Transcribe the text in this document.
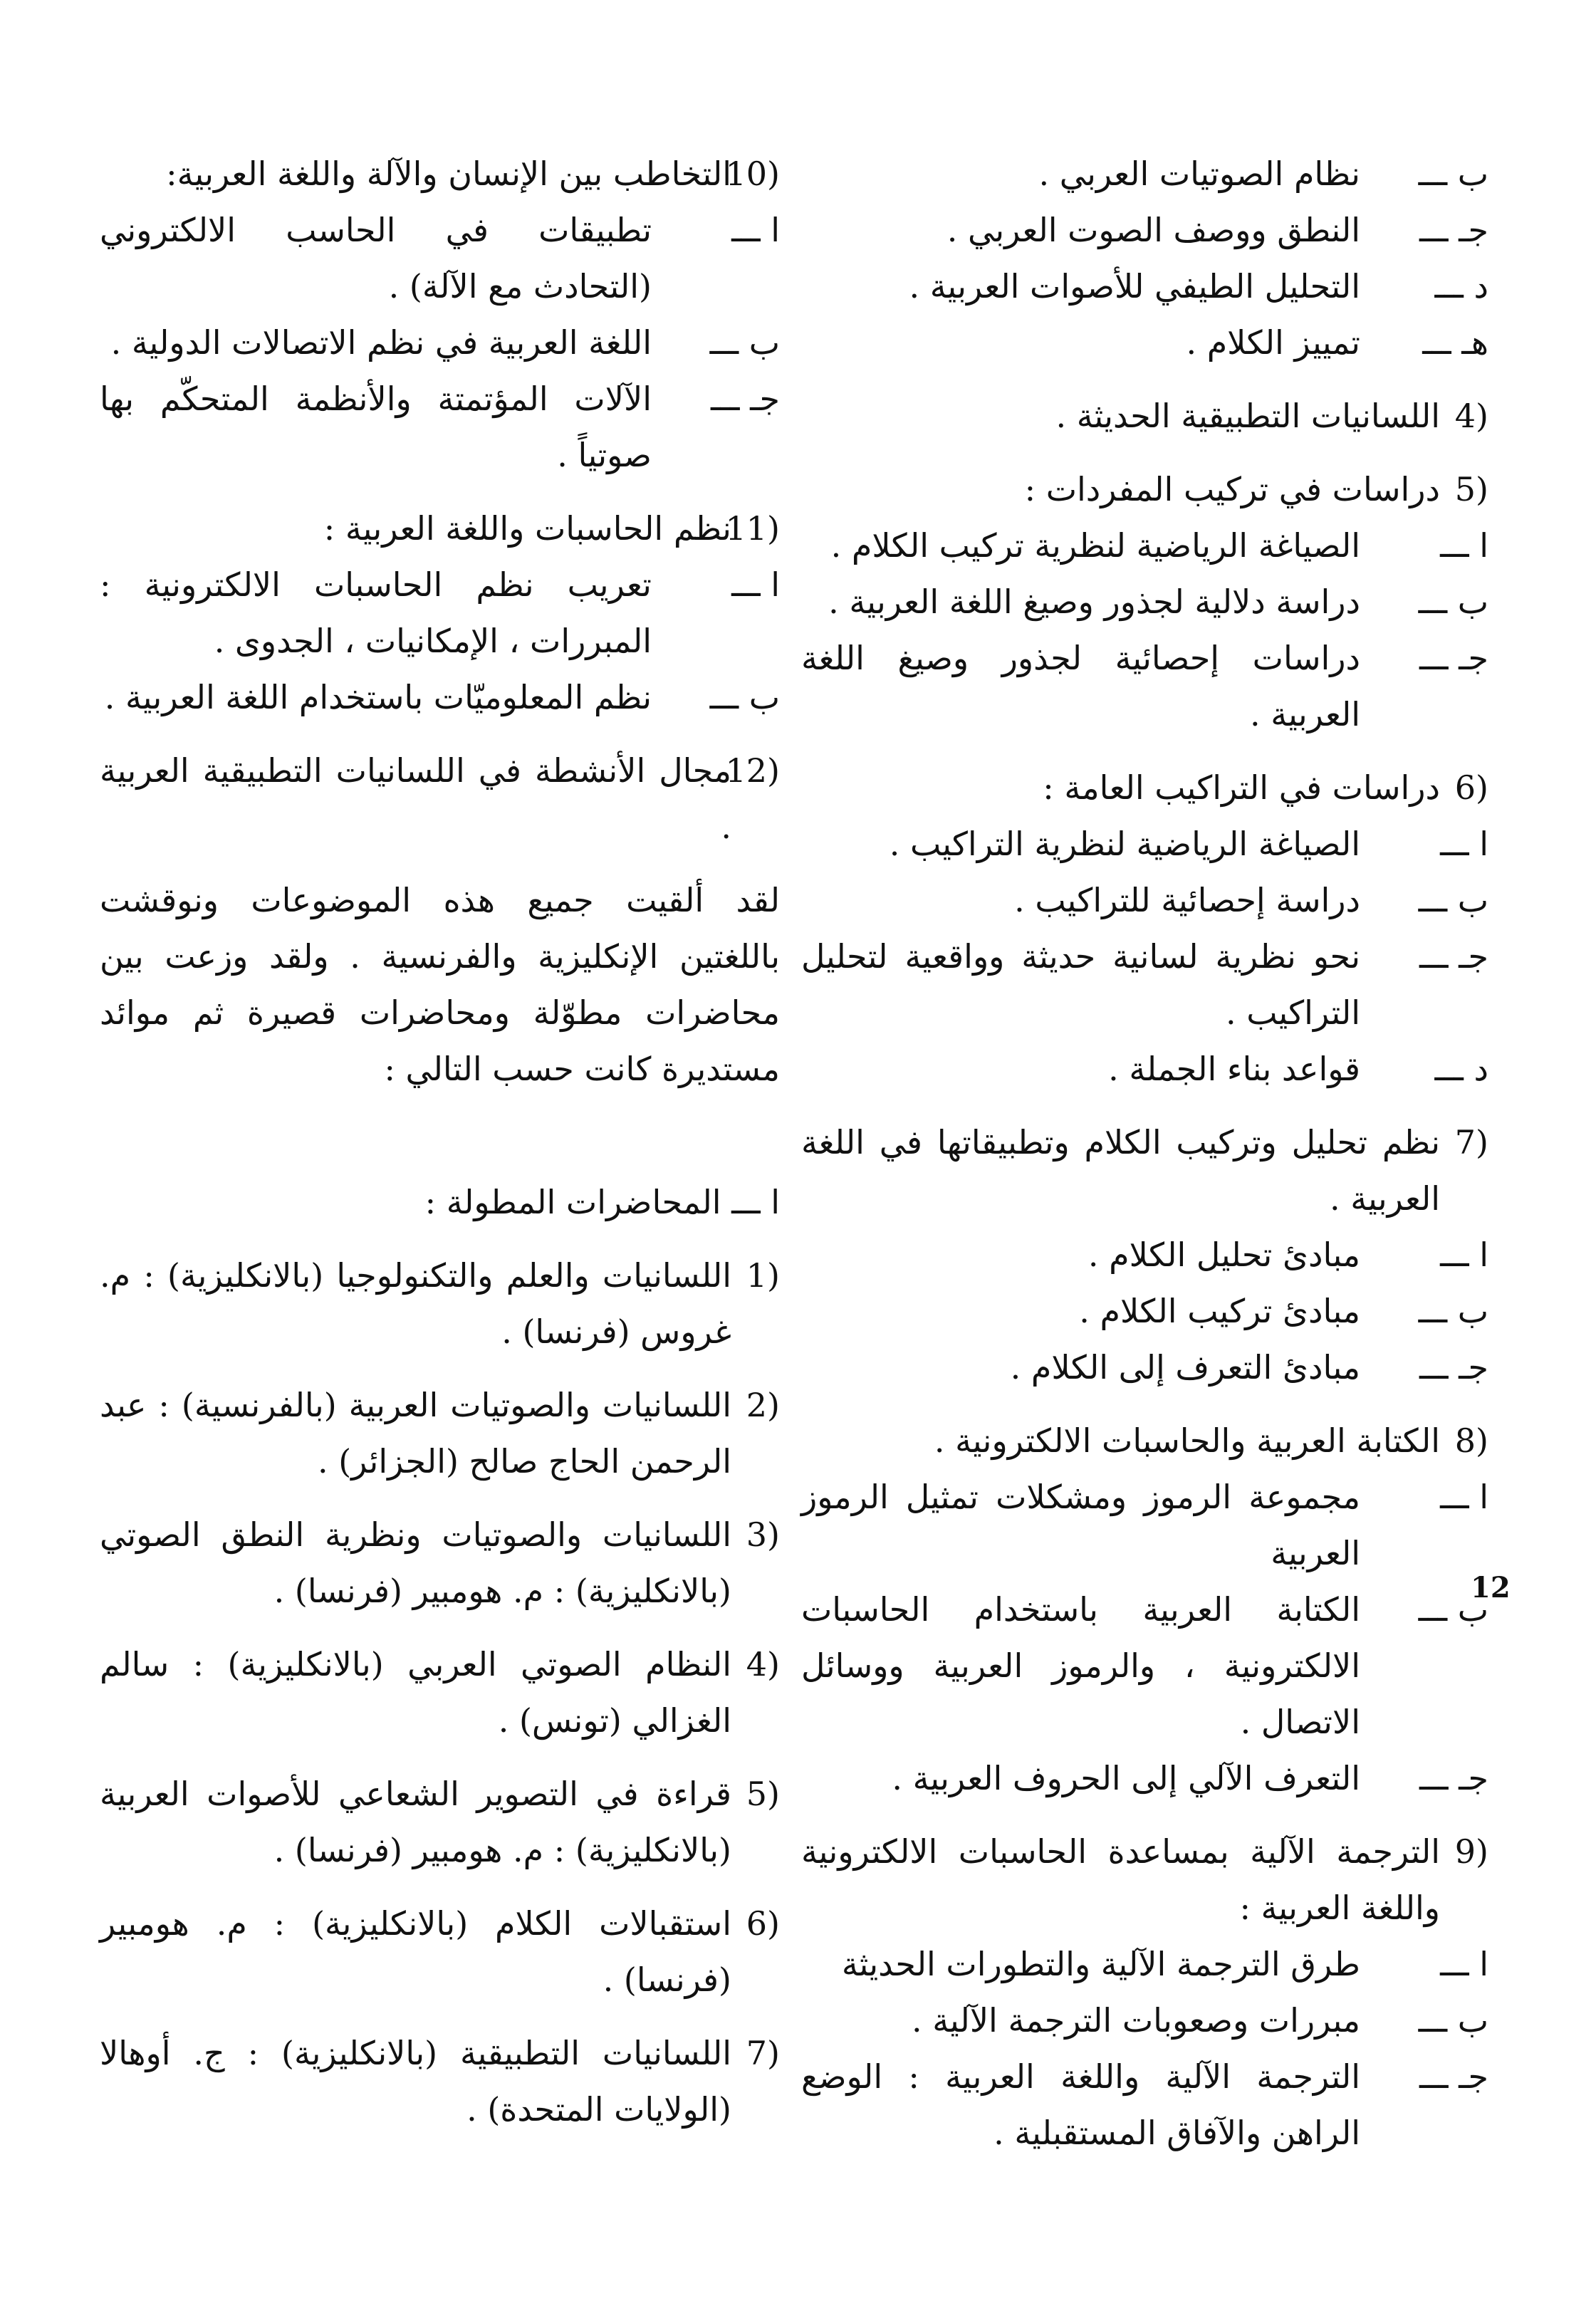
ب ـــ
نظام الصوتيات العربي .
جـ ـــ
النطق ووصف الصوت العربي .
د ـــ
التحليل الطيفي للأصوات العربية .
هـ ـــ
تمييز الكلام .
(4
اللسانيات التطبيقية الحديثة .
(5
دراسات في تركيب المفردات :
ا ـــ
الصياغة الرياضية لنظرية تركيب الكلام .
ب ـــ
دراسة دلالية لجذور وصيغ اللغة العربية .
جـ ـــ
دراسات إحصائية لجذور وصيغ اللغة العربية .
(6
دراسات في التراكيب العامة :
ا ـــ
الصياغة الرياضية لنظرية التراكيب .
ب ـــ
دراسة إحصائية للتراكيب .
جـ ـــ
نحو نظرية لسانية حديثة وواقعية لتحليل التراكيب .
د ـــ
قواعد بناء الجملة .
(7
نظم تحليل وتركيب الكلام وتطبيقاتها في اللغة العربية .
ا ـــ
مبادئ تحليل الكلام .
ب ـــ
مبادئ تركيب الكلام .
جـ ـــ
مبادئ التعرف إلى الكلام .
(8
الكتابة العربية والحاسبات الالكترونية .
ا ـــ
مجموعة الرموز ومشكلات تمثيل الرموز العربية
ب ـــ
الكتابة العربية باستخدام الحاسبات الالكترونية ، والرموز العربية ووسائل الاتصال .
جـ ـــ
التعرف الآلي إلى الحروف العربية .
(9
الترجمة الآلية بمساعدة الحاسبات الالكترونية واللغة العربية :
ا ـــ
طرق الترجمة الآلية والتطورات الحديثة
ب ـــ
مبررات وصعوبات الترجمة الآلية .
جـ ـــ
الترجمة الآلية واللغة العربية : الوضع الراهن والآفاق المستقبلية .
(10
التخاطب بين الإنسان والآلة واللغة العربية:
ا ـــ
تطبيقات في الحاسب الالكتروني (التحادث مع الآلة) .
ب ـــ
اللغة العربية في نظم الاتصالات الدولية .
جـ ـــ
الآلات المؤتمتة والأنظمة المتحكّم بها صوتياً .
(11
نظم الحاسبات واللغة العربية :
ا ـــ
تعريب نظم الحاسبات الالكترونية : المبررات ، الإمكانيات ، الجدوى .
ب ـــ
نظم المعلوميّات باستخدام اللغة العربية .
(12
مجال الأنشطة في اللسانيات التطبيقية العربية .
لقد ألقيت جميع هذه الموضوعات ونوقشت باللغتين الإنكليزية والفرنسية . ولقد وزعت بين محاضرات مطوّلة ومحاضرات قصيرة ثم موائد مستديرة كانت حسب التالي :
ا ـــ المحاضرات المطولة :
(1
اللسانيات والعلم والتكنولوجيا (بالانكليزية) : م. غروس (فرنسا) .
(2
اللسانيات والصوتيات العربية (بالفرنسية) : عبد الرحمن الحاج صالح (الجزائر) .
(3
اللسانيات والصوتيات ونظرية النطق الصوتي (بالانكليزية) : م. هومبير (فرنسا) .
(4
النظام الصوتي العربي (بالانكليزية) : سالم الغزالي (تونس) .
(5
قراءة في التصوير الشعاعي للأصوات العربية (بالانكليزية) : م. هومبير (فرنسا) .
(6
استقبالات الكلام (بالانكليزية) : م. هومبير (فرنسا) .
(7
اللسانيات التطبيقية (بالانكليزية) : ج. أوهالا (الولايات المتحدة) .
12
